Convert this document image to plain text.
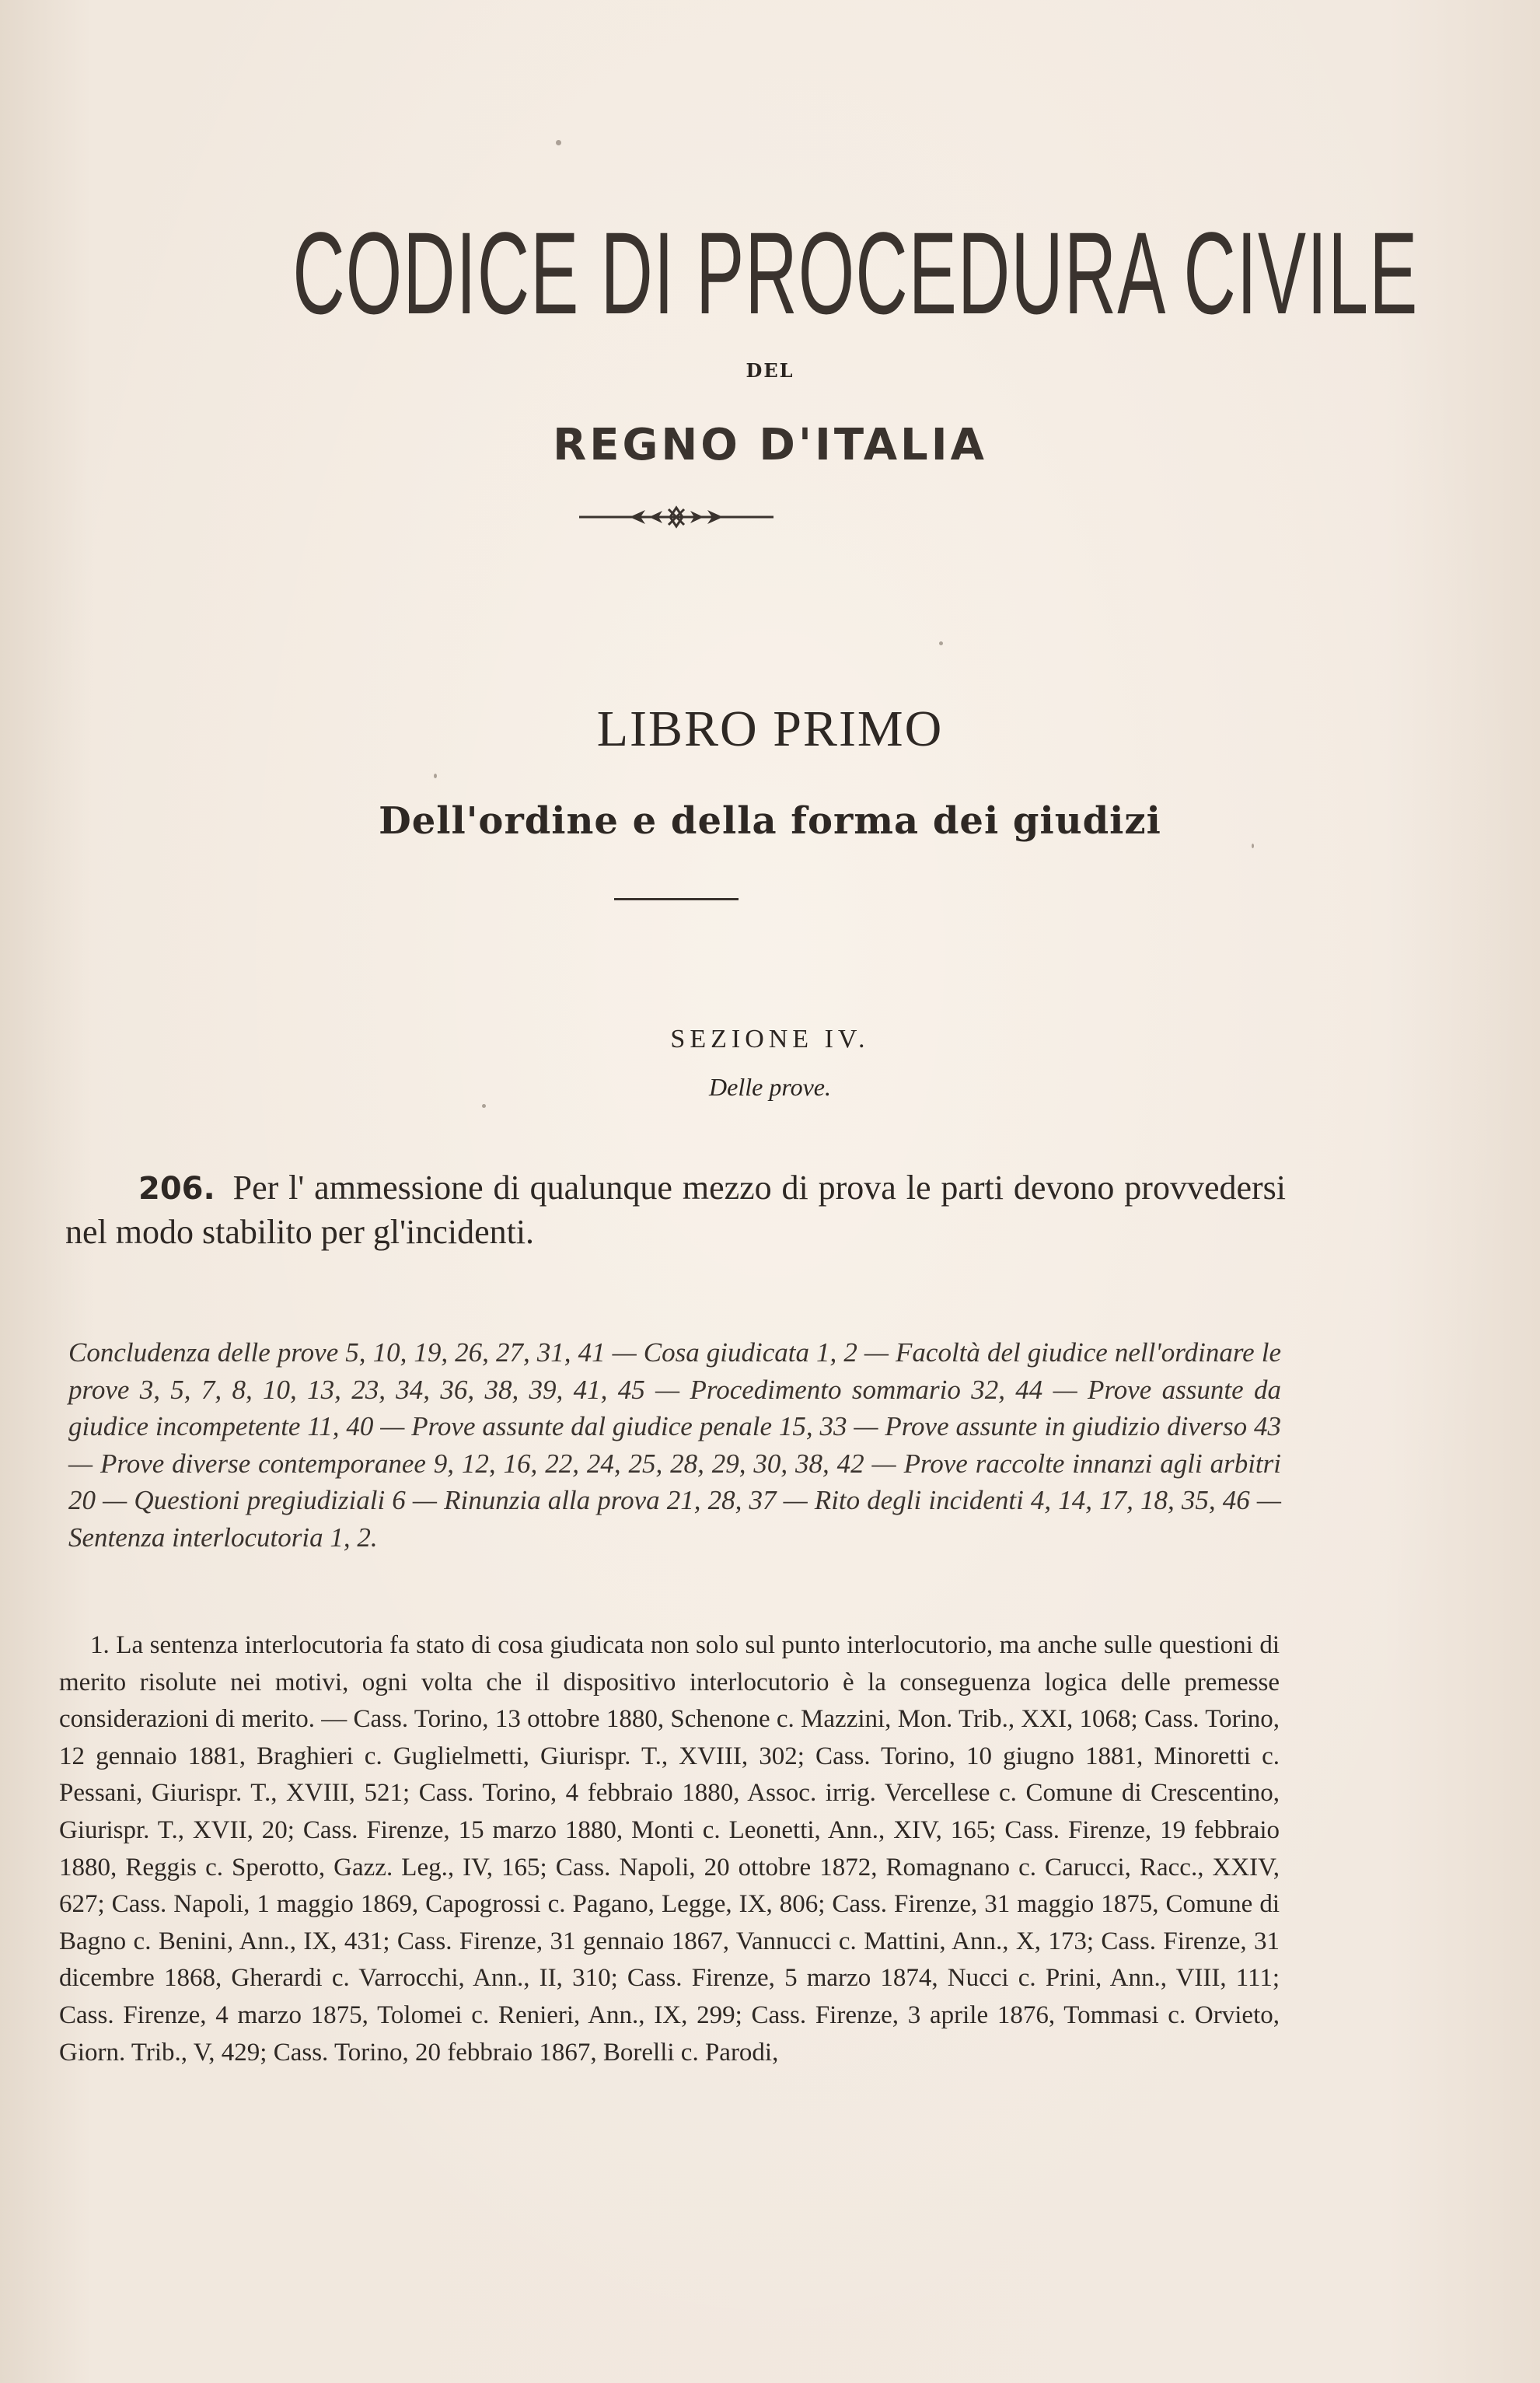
CODICE DI PROCEDURA CIVILE
DEL
REGNO D'ITALIA
LIBRO PRIMO
Dell'ordine e della forma dei giudizi
SEZIONE IV.
Delle prove.
206. Per l' ammessione di qualunque mezzo di prova le parti devono provvedersi nel modo stabilito per gl'incidenti.
Concludenza delle prove 5, 10, 19, 26, 27, 31, 41 — Cosa giudicata 1, 2 — Facoltà del giudice nell'ordinare le prove 3, 5, 7, 8, 10, 13, 23, 34, 36, 38, 39, 41, 45 — Procedimento sommario 32, 44 — Prove assunte da giudice incompetente 11, 40 — Prove assunte dal giudice penale 15, 33 — Prove assunte in giudizio diverso 43 — Prove diverse contemporanee 9, 12, 16, 22, 24, 25, 28, 29, 30, 38, 42 — Prove raccolte innanzi agli arbitri 20 — Questioni pregiudiziali 6 — Rinunzia alla prova 21, 28, 37 — Rito degli incidenti 4, 14, 17, 18, 35, 46 — Sentenza interlocutoria 1, 2.
1. La sentenza interlocutoria fa stato di cosa giudicata non solo sul punto interlocutorio, ma anche sulle questioni di merito risolute nei motivi, ogni volta che il dispositivo interlocutorio è la conseguenza logica delle premesse considerazioni di merito. — Cass. Torino, 13 ottobre 1880, Schenone c. Mazzini, Mon. Trib., XXI, 1068; Cass. Torino, 12 gennaio 1881, Braghieri c. Guglielmetti, Giurispr. T., XVIII, 302; Cass. Torino, 10 giugno 1881, Minoretti c. Pessani, Giurispr. T., XVIII, 521; Cass. Torino, 4 febbraio 1880, Assoc. irrig. Vercellese c. Comune di Crescentino, Giurispr. T., XVII, 20; Cass. Firenze, 15 marzo 1880, Monti c. Leonetti, Ann., XIV, 165; Cass. Firenze, 19 febbraio 1880, Reggis c. Sperotto, Gazz. Leg., IV, 165; Cass. Napoli, 20 ottobre 1872, Romagnano c. Carucci, Racc., XXIV, 627; Cass. Napoli, 1 maggio 1869, Capogrossi c. Pagano, Legge, IX, 806; Cass. Firenze, 31 maggio 1875, Comune di Bagno c. Benini, Ann., IX, 431; Cass. Firenze, 31 gennaio 1867, Vannucci c. Mattini, Ann., X, 173; Cass. Firenze, 31 dicembre 1868, Gherardi c. Varrocchi, Ann., II, 310; Cass. Firenze, 5 marzo 1874, Nucci c. Prini, Ann., VIII, 111; Cass. Firenze, 4 marzo 1875, Tolomei c. Renieri, Ann., IX, 299; Cass. Firenze, 3 aprile 1876, Tommasi c. Orvieto, Giorn. Trib., V, 429; Cass. Torino, 20 febbraio 1867, Borelli c. Parodi,
